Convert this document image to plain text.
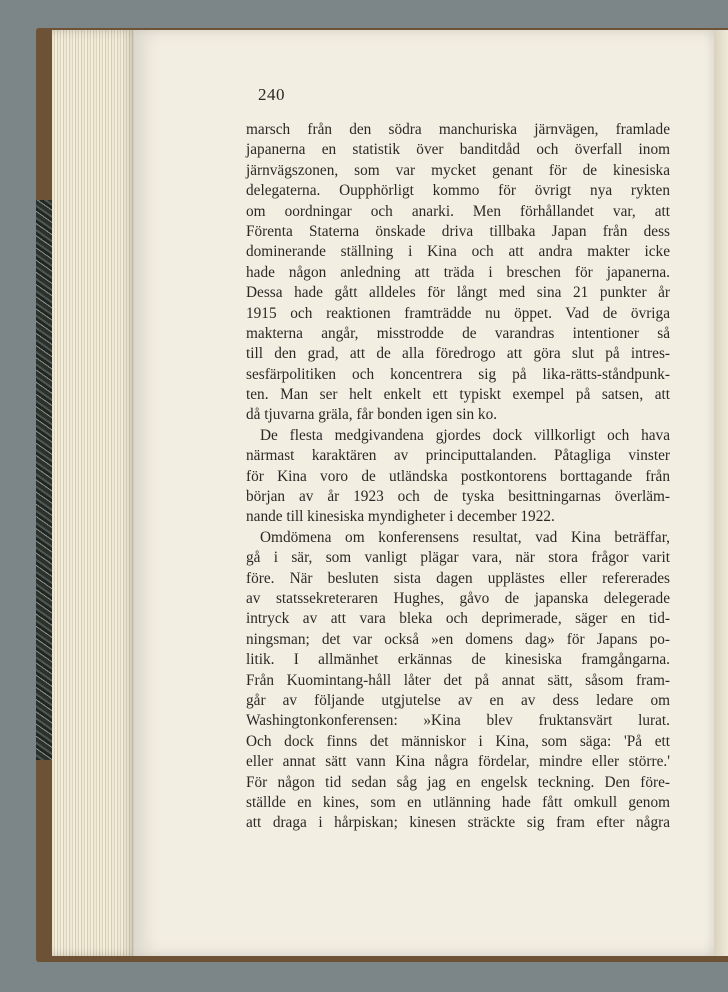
240
marsch från den södra manchuriska järnvägen, framlade
japanerna en statistik över banditdåd och överfall inom
järnvägszonen, som var mycket genant för de kinesiska
delegaterna. Oupphörligt kommo för övrigt nya rykten
om oordningar och anarki. Men förhållandet var, att
Förenta Staterna önskade driva tillbaka Japan från dess
dominerande ställning i Kina och att andra makter icke
hade någon anledning att träda i breschen för japanerna.
Dessa hade gått alldeles för långt med sina 21 punkter år
1915 och reaktionen framträdde nu öppet. Vad de övriga
makterna angår, misstrodde de varandras intentioner så
till den grad, att de alla föredrogo att göra slut på intres-
sesfärpolitiken och koncentrera sig på lika-rätts-ståndpunk-
ten. Man ser helt enkelt ett typiskt exempel på satsen, att
då tjuvarna gräla, får bonden igen sin ko.
De flesta medgivandena gjordes dock villkorligt och hava
närmast karaktären av principuttalanden. Påtagliga vinster
för Kina voro de utländska postkontorens borttagande från
början av år 1923 och de tyska besittningarnas överläm-
nande till kinesiska myndigheter i december 1922.
Omdömena om konferensens resultat, vad Kina beträffar,
gå i sär, som vanligt plägar vara, när stora frågor varit
före. När besluten sista dagen upplästes eller refererades
av statssekreteraren Hughes, gåvo de japanska delegerade
intryck av att vara bleka och deprimerade, säger en tid-
ningsman; det var också »en domens dag» för Japans po-
litik. I allmänhet erkännas de kinesiska framgångarna.
Från Kuomintang-håll låter det på annat sätt, såsom fram-
går av följande utgjutelse av en av dess ledare om
Washingtonkonferensen: »Kina blev fruktansvärt lurat.
Och dock finns det människor i Kina, som säga: 'På ett
eller annat sätt vann Kina några fördelar, mindre eller större.'
För någon tid sedan såg jag en engelsk teckning. Den före-
ställde en kines, som en utlänning hade fått omkull genom
att draga i hårpiskan; kinesen sträckte sig fram efter några
